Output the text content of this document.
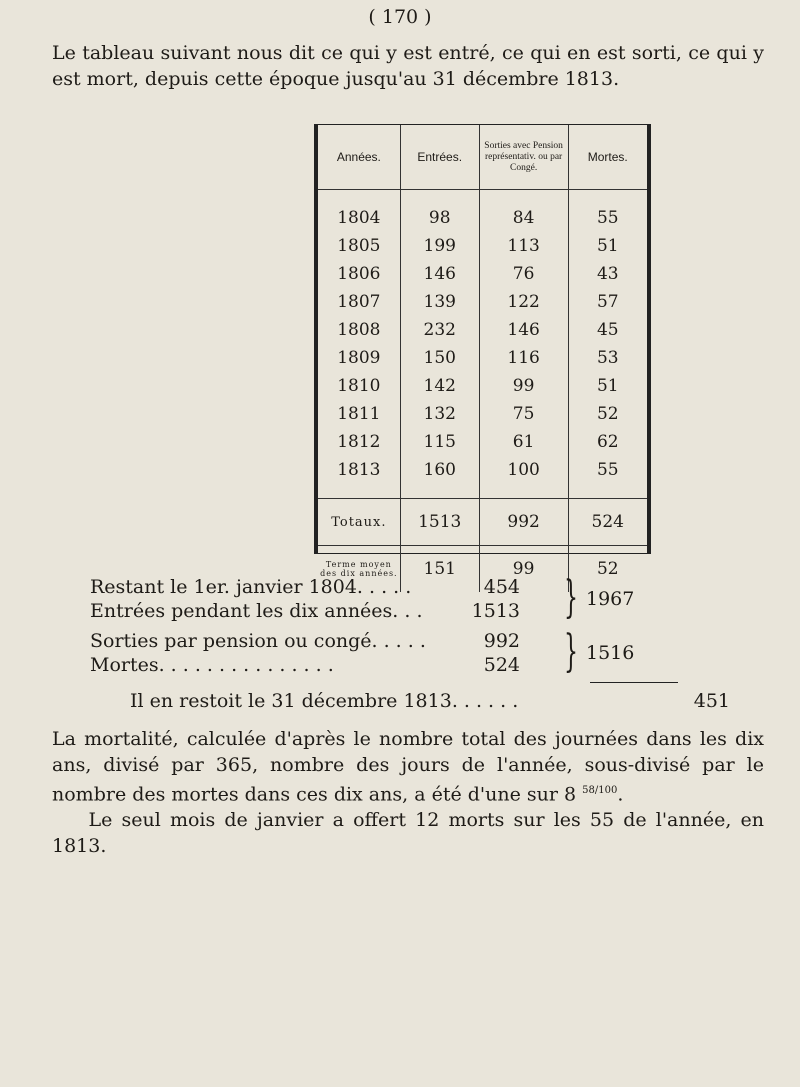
( 170 )
Le tableau suivant nous dit ce qui y est entré, ce qui en est sorti, ce qui y est mort, depuis cette époque jusqu'au 31 décembre 1813.
Années.	Entrées.	Sorties avec Pension représentativ. ou par Congé.	Mortes.
1804	98	84	55
1805	199	113	51
1806	146	76	43
1807	139	122	57
1808	232	146	45
1809	150	116	53
1810	142	99	51
1811	132	75	52
1812	115	61	62
1813	160	100	55
Totaux.	1513	992	524
Terme moyen des dix années.	151	99	52
Restant le 1er. janvier 1804. . . . .	454
Entrées pendant les dix années. . .	1513 } 1967
Sorties par pension ou congé. . . . .	992
Mortes. . . . . . . . . . . . . . .	524 } 1516
Il en restoit le 31 décembre 1813. . . . . .	451
La mortalité, calculée d'après le nombre total des journées dans les dix ans, divisé par 365, nombre des jours de l'année, sous-divisé par le nombre des mortes dans ces dix ans, a été d'une sur 8 $^{58/100}$.
Le seul mois de janvier a offert 12 morts sur les 55 de l'année, en 1813.
